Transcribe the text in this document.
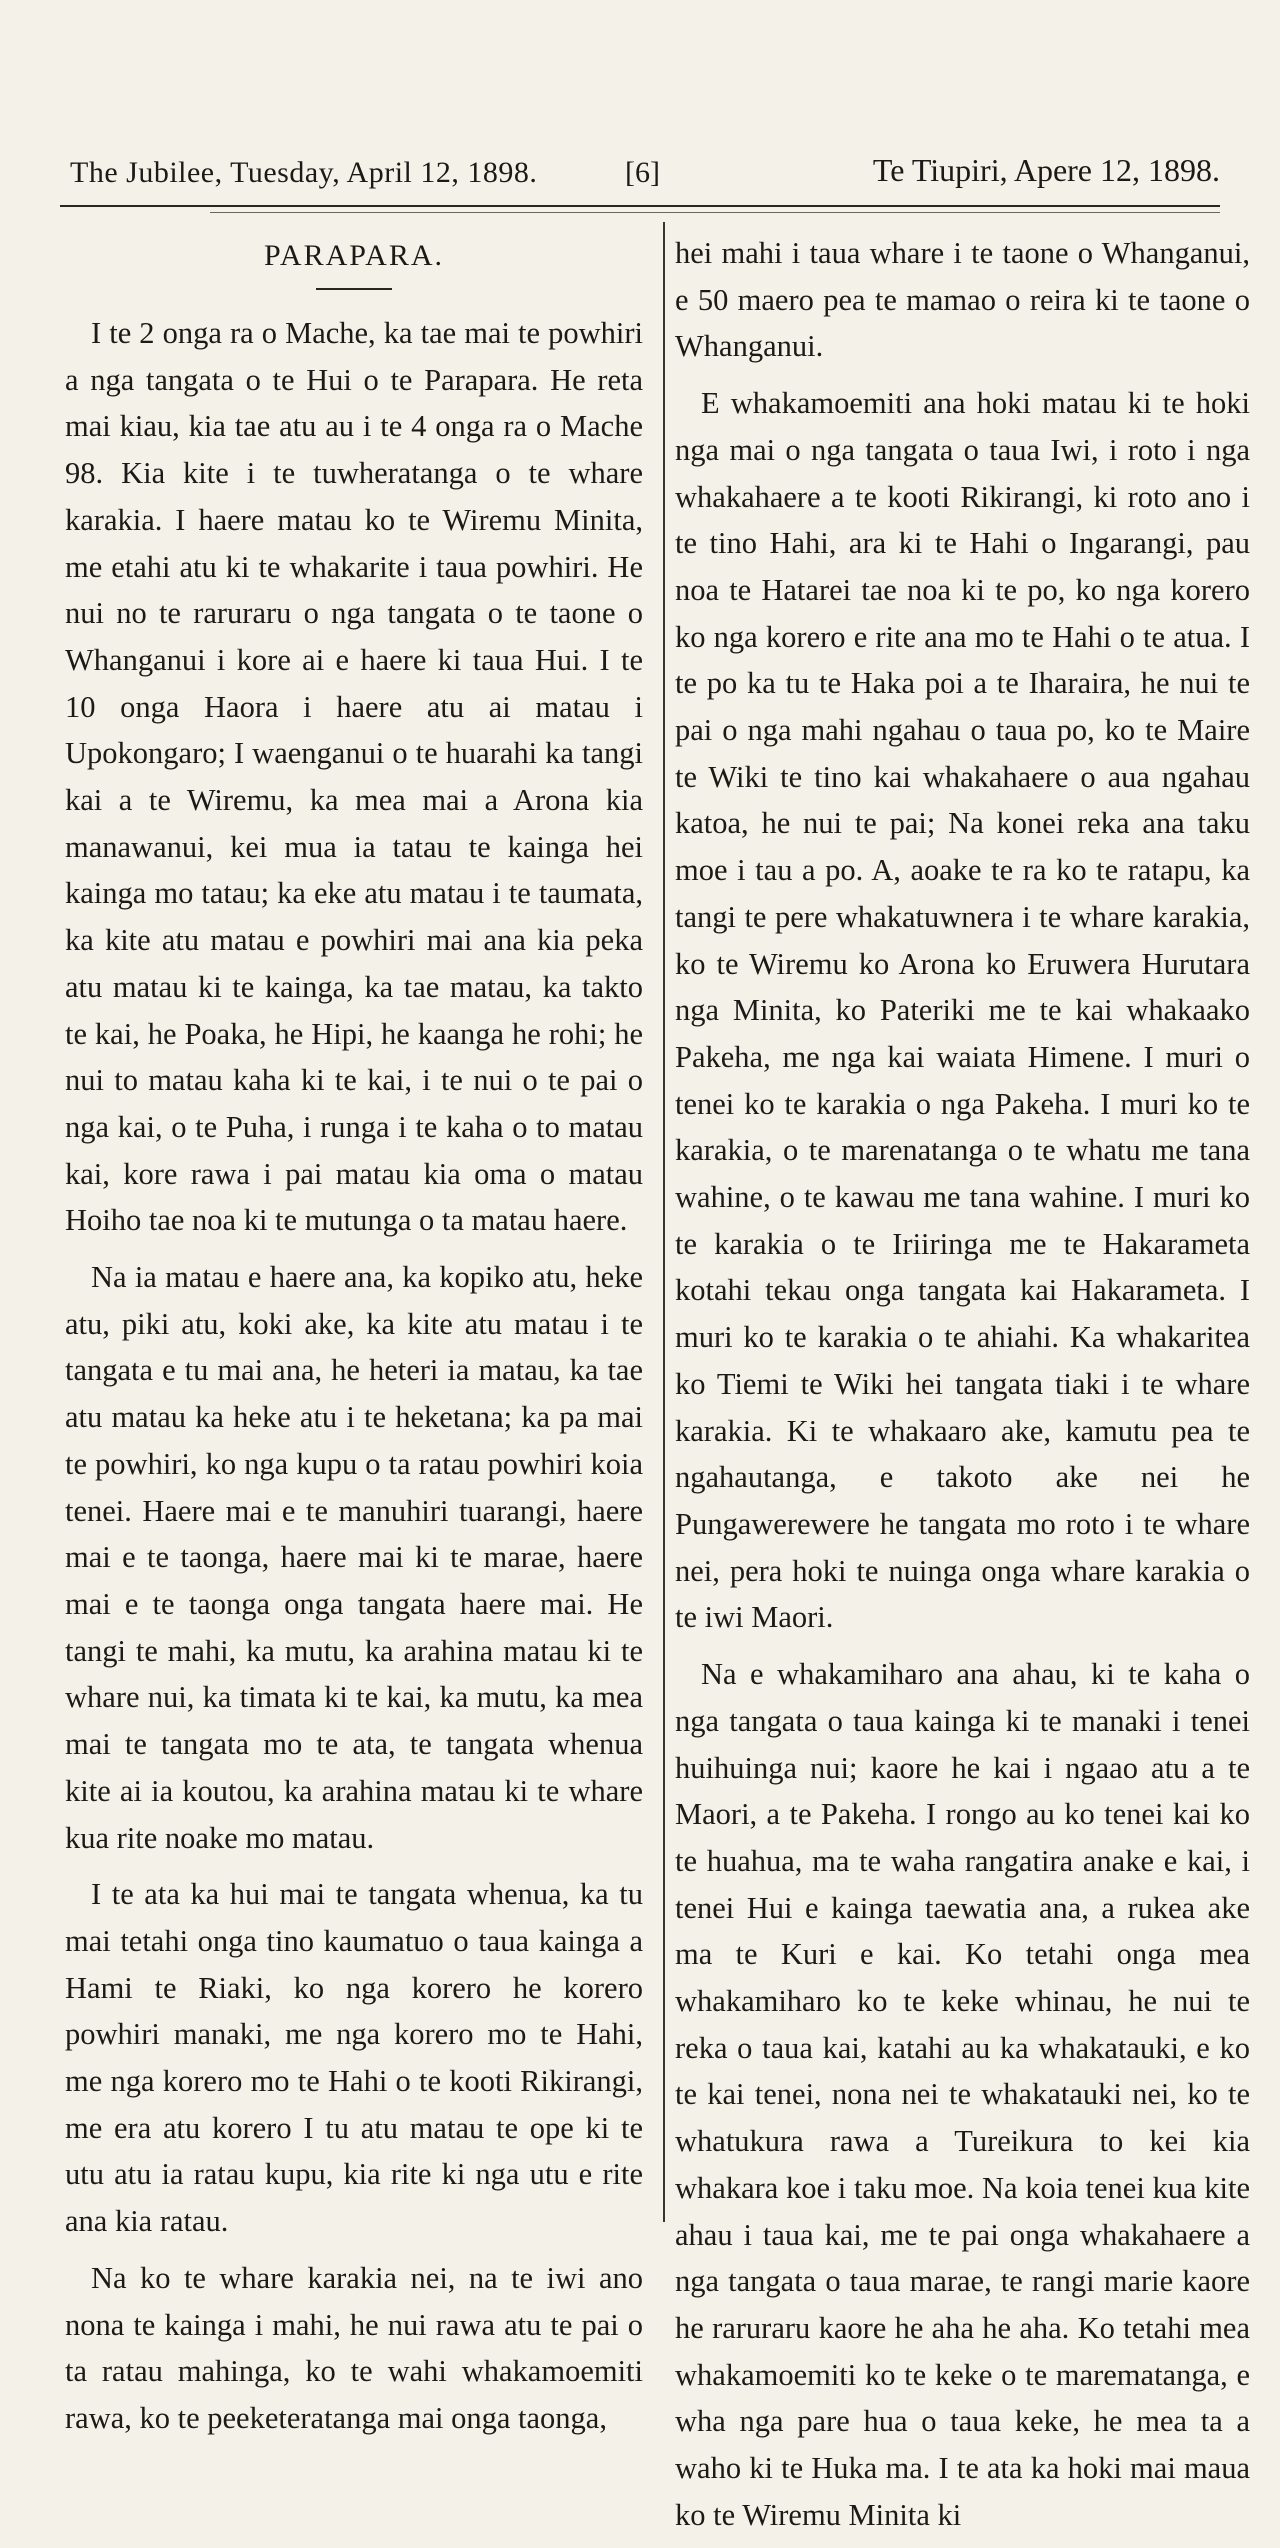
The Jubilee, Tuesday, April 12, 1898.	[6]	Te Tiupiri, Apere 12, 1898.
PARAPARA.

I te 2 onga ra o Mache, ka tae mai te powhiri a nga tangata o te Hui o te Parapara. He reta mai kiau, kia tae atu au i te 4 onga ra o Mache 98. Kia kite i te tuwheratanga o te whare karakia. I haere matau ko te Wiremu Minita, me etahi atu ki te whakarite i taua powhiri. He nui no te raruraru o nga tangata o te taone o Whanganui i kore ai e haere ki taua Hui. I te 10 onga Haora i haere atu ai matau i Upokongaro; I waenganui o te huarahi ka tangi kai a te Wiremu, ka mea mai a Arona kia manawanui, kei mua ia tatau te kainga hei kainga mo tatau; ka eke atu matau i te taumata, ka kite atu matau e powhiri mai ana kia peka atu matau ki te kainga, ka tae matau, ka takto te kai, he Poaka, he Hipi, he kaanga he rohi; he nui to matau kaha ki te kai, i te nui o te pai o nga kai, o te Puha, i runga i te kaha o to matau kai, kore rawa i pai matau kia oma o matau Hoiho tae noa ki te mutunga o ta matau haere.

Na ia matau e haere ana, ka kopiko atu, heke atu, piki atu, koki ake, ka kite atu matau i te tangata e tu mai ana, he heteri ia matau, ka tae atu matau ka heke atu i te heketana; ka pa mai te powhiri, ko nga kupu o ta ratau powhiri koia tenei. Haere mai e te manuhiri tuarangi, haere mai e te taonga, haere mai ki te marae, haere mai e te taonga onga tangata haere mai. He tangi te mahi, ka mutu, ka arahina matau ki te whare nui, ka timata ki te kai, ka mutu, ka mea mai te tangata mo te ata, te tangata whenua kite ai ia koutou, ka arahina matau ki te whare kua rite noake mo matau.

I te ata ka hui mai te tangata whenua, ka tu mai tetahi onga tino kaumatuo o taua kainga a Hami te Riaki, ko nga korero he korero powhiri manaki, me nga korero mo te Hahi, me nga korero mo te Hahi o te kooti Rikirangi, me era atu korero I tu atu matau te ope ki te utu atu ia ratau kupu, kia rite ki nga utu e rite ana kia ratau.

Na ko te whare karakia nei, na te iwi ano nona te kainga i mahi, he nui rawa atu te pai o ta ratau mahinga, ko te wahi whakamoemiti rawa, ko te peeketeratanga mai onga taonga,

hei mahi i taua whare i te taone o Whanganui, e 50 maero pea te mamao o reira ki te taone o Whanganui.

E whakamoemiti ana hoki matau ki te hoki nga mai o nga tangata o taua Iwi, i roto i nga whakahaere a te kooti Rikirangi, ki roto ano i te tino Hahi, ara ki te Hahi o Ingarangi, pau noa te Hatarei tae noa ki te po, ko nga korero ko nga korero e rite ana mo te Hahi o te atua. I te po ka tu te Haka poi a te Iharaira, he nui te pai o nga mahi ngahau o taua po, ko te Maire te Wiki te tino kai whakahaere o aua ngahau katoa, he nui te pai; Na konei reka ana taku moe i tau a po. A, aoake te ra ko te ratapu, ka tangi te pere whakatuwnera i te whare karakia, ko te Wiremu ko Arona ko Eruwera Hurutara nga Minita, ko Pateriki me te kai whakaako Pakeha, me nga kai waiata Himene. I muri o tenei ko te karakia o nga Pakeha. I muri ko te karakia, o te marenatanga o te whatu me tana wahine, o te kawau me tana wahine. I muri ko te karakia o te Iriiringa me te Hakarameta kotahi tekau onga tangata kai Hakarameta. I muri ko te karakia o te ahiahi. Ka whakaritea ko Tiemi te Wiki hei tangata tiaki i te whare karakia. Ki te whakaaro ake, kamutu pea te ngahautanga, e takoto ake nei he Pungawerewere he tangata mo roto i te whare nei, pera hoki te nuinga onga whare karakia o te iwi Maori.

Na e whakamiharo ana ahau, ki te kaha o nga tangata o taua kainga ki te manaki i tenei huihuinga nui; kaore he kai i ngaao atu a te Maori, a te Pakeha. I rongo au ko tenei kai ko te huahua, ma te waha rangatira anake e kai, i tenei Hui e kainga taewatia ana, a rukea ake ma te Kuri e kai. Ko tetahi onga mea whakamiharo ko te keke whinau, he nui te reka o taua kai, katahi au ka whakatauki, e ko te kai tenei, nona nei te whakatauki nei, ko te whatukura rawa a Tureikura to kei kia whakara koe i taku moe. Na koia tenei kua kite ahau i taua kai, me te pai onga whakahaere a nga tangata o taua marae, te rangi marie kaore he raruraru kaore he aha he aha. Ko tetahi mea whakamoemiti ko te keke o te marematanga, e wha nga pare hua o taua keke, he mea ta a waho ki te Huka ma. I te ata ka hoki mai maua ko te Wiremu Minita ki
